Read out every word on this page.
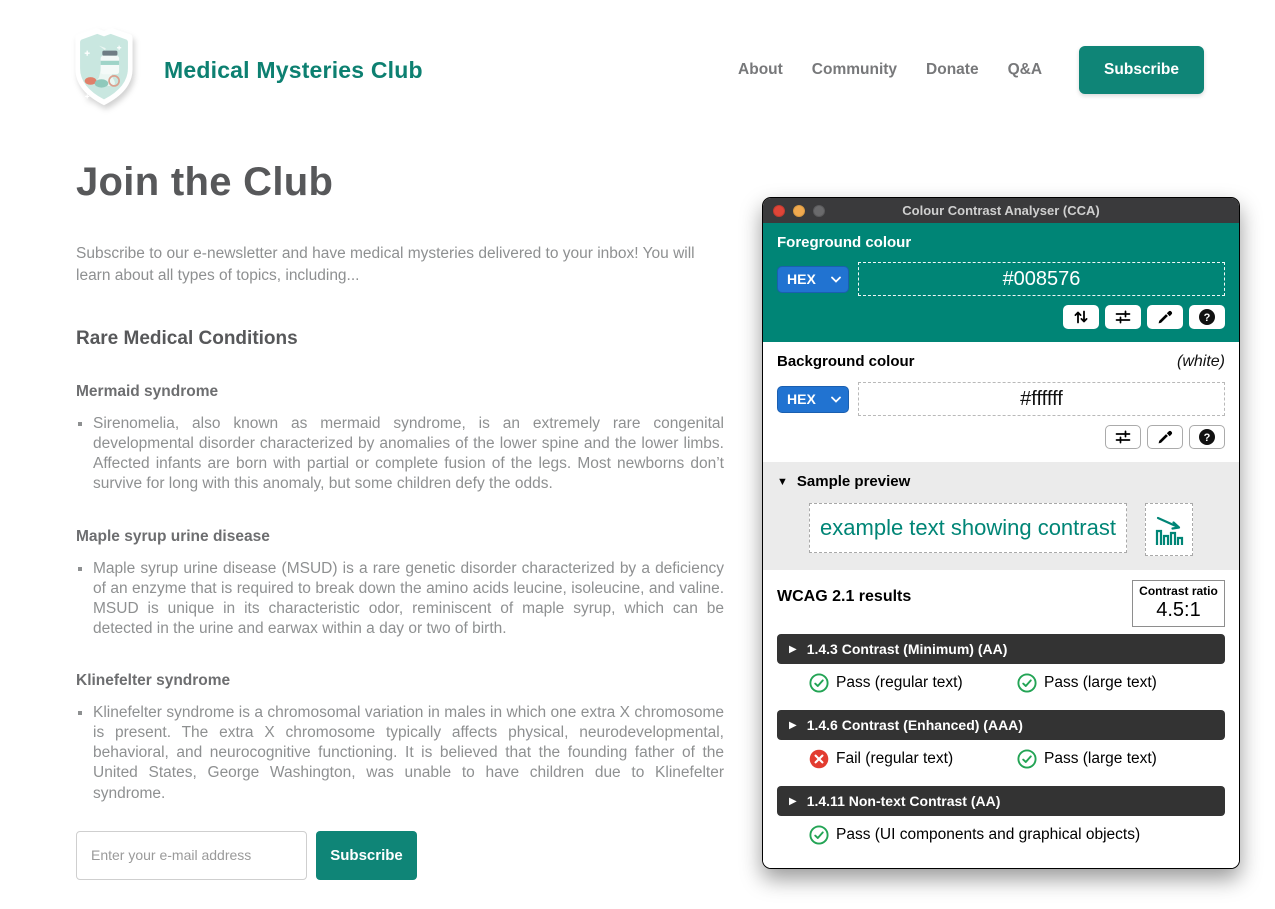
Medical Mysteries Club	About Community Donate Q&A	Subscribe
Join the Club

Subscribe to our e-newsletter and have medical mysteries delivered to your inbox! You will learn about all types of topics, including...

Rare Medical Conditions
Mermaid syndrome
▪ Sirenomelia, also known as mermaid syndrome, is an extremely rare congenital developmental disorder characterized by anomalies of the lower spine and the lower limbs. Affected infants are born with partial or complete fusion of the legs. Most newborns don’t survive for long with this anomaly, but some children defy the odds.
Maple syrup urine disease
▪ Maple syrup urine disease (MSUD) is a rare genetic disorder characterized by a deficiency of an enzyme that is required to break down the amino acids leucine, isoleucine, and valine. MSUD is unique in its characteristic odor, reminiscent of maple syrup, which can be detected in the urine and earwax within a day or two of birth.
Klinefelter syndrome
▪ Klinefelter syndrome is a chromosomal variation in males in which one extra X chromosome is present. The extra X chromosome typically affects physical, neurodevelopmental, behavioral, and neurocognitive functioning. It is believed that the founding father of the United States, George Washington, was unable to have children due to Klinefelter syndrome.
Enter your e-mail address
Subscribe
Colour Contrast Analyser (CCA)
Foreground colour
HEX	#008576
?
Background colour	(white)
HEX	#ffffff
?
▼ Sample preview
example text showing contrast
WCAG 2.1 results	Contrast ratio
4.5:1
▶ 1.4.3 Contrast (Minimum) (AA)
Pass (regular text)	Pass (large text)
▶ 1.4.6 Contrast (Enhanced) (AAA)
Fail (regular text)	Pass (large text)
▶ 1.4.11 Non-text Contrast (AA)
Pass (UI components and graphical objects)
